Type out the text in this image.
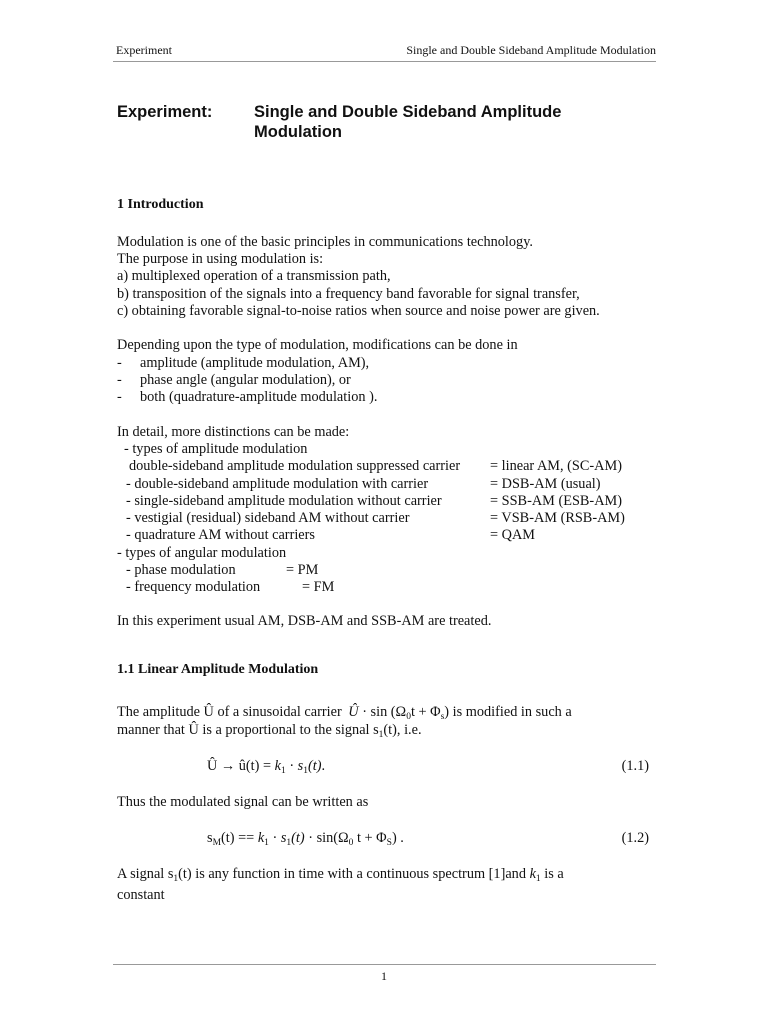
Experiment	Single and Double Sideband Amplitude Modulation
Experiment:	Single and Double Sideband Amplitude
Modulation
1 Introduction
Modulation is one of the basic principles in communications technology.
The purpose in using modulation is:
a) multiplexed operation of a transmission path,
b) transposition of the signals into a frequency band favorable for signal transfer,
c) obtaining favorable signal-to-noise ratios when source and noise power are given.
Depending upon the type of modulation, modifications can be done in
- amplitude (amplitude modulation, AM),
- phase angle (angular modulation), or
- both (quadrature-amplitude modulation ).
In detail, more distinctions can be made:
- types of amplitude modulation
double-sideband amplitude modulation suppressed carrier = linear AM, (SC-AM)
- double-sideband amplitude modulation with carrier	= DSB-AM (usual)
- single-sideband amplitude modulation without carrier	= SSB-AM (ESB-AM)
- vestigial (residual) sideband AM without carrier	= VSB-AM (RSB-AM)
- quadrature AM without carriers	= QAM
- types of angular modulation
- phase modulation	= PM
- frequency modulation	= FM
In this experiment usual AM, DSB-AM and SSB-AM are treated.
1.1 Linear Amplitude Modulation
The amplitude Û of a sinusoidal carrier Û · $\sin (\Omega_0t + \Phi_s)$ is modified in such a
manner that Û is a proportional to the signal $s_1(t)$, i.e.
Û → û(t) = $k_1 \cdot s_1(t)$.	(1.1)
Thus the modulated signal can be written as
$s_M(t) == k_1 \cdot s_1(t) \cdot \sin(\Omega_0$ $t + \Phi_S$) .	(1.2)
A signal $s_1(t)$ is any function in time with a continuous spectrum [1]and $k_1$ is a
constant
1
